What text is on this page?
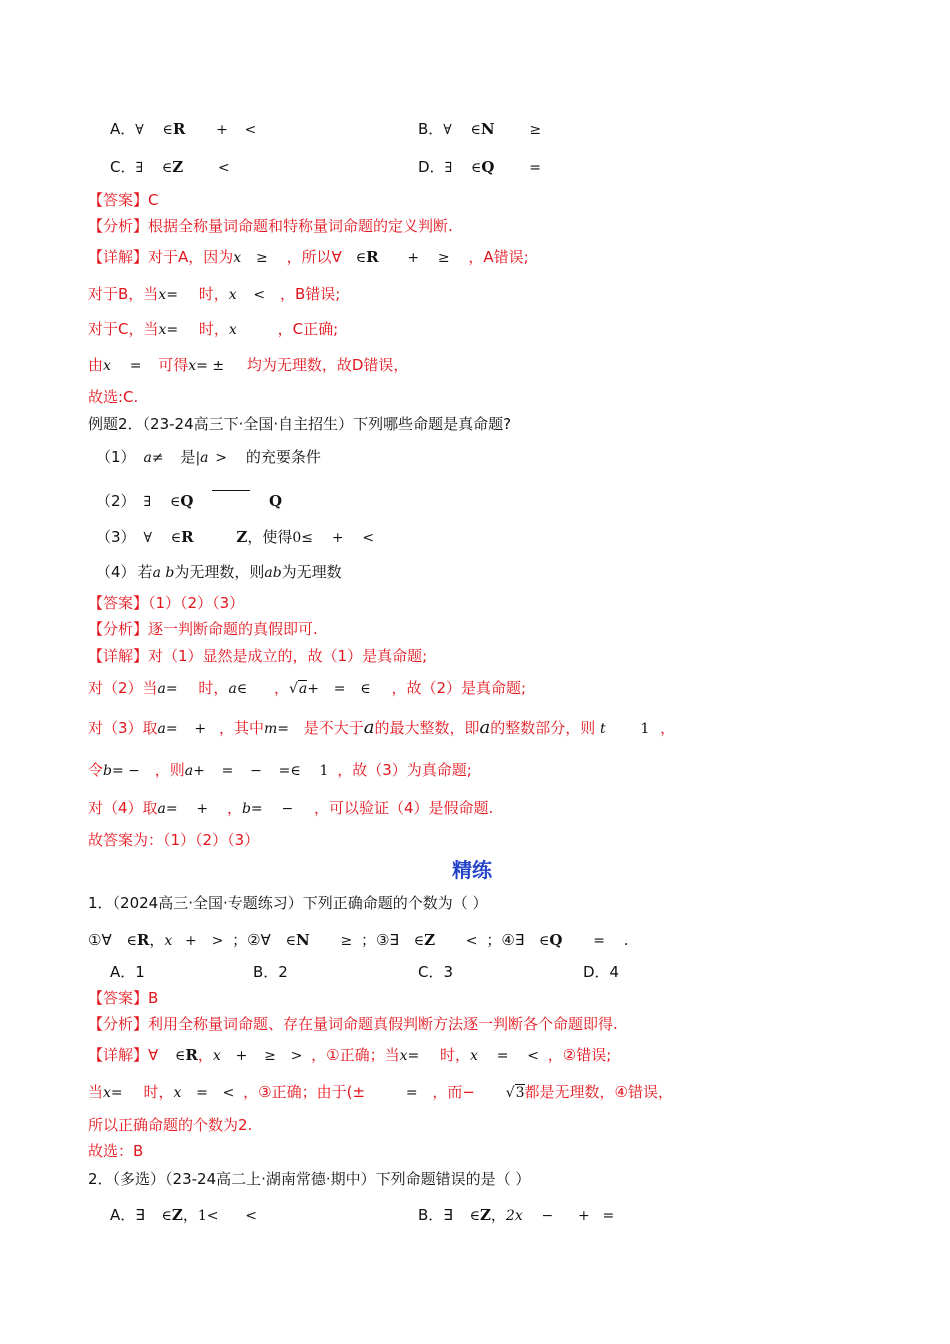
A．∀ ∈R + <	B．∀ ∈N ≥
C．∃ ∈Z <	D．∃ ∈Q =
【答案】C
【分析】根据全称量词命题和特称量词命题的定义判断.
【详解】对于A，因为x ≥ ，所以∀ ∈R + ≥ ，A错误;
对于B，当x= 时，x < ，B错误;
对于C，当x= 时，x	，C正确;
由x = 可得x= ± 均为无理数，故D错误，
故选:C.
例题2．（23-24高三下·全国·自主招生）下列哪些命题是真命题?
（1） a≠ 是|a > 的充要条件
（2） ∃ ∈Q	Q
（3） ∀ ∈R	Z，使得0≤ + <
（4） 若a b为无理数，则ab为无理数
【答案】（1）（2）（3）
【分析】逐一判断命题的真假即可.
【详解】对（1）显然是成立的，故（1）是真命题;
对（2）当a= 时，a∈ ，√a+ = ∈ ，故（2）是真命题;
对（3）取a= + ，其中m= 是不大于a的最大整数，即a的整数部分，则 t 1 ，
令b= − ，则a+ = − =∈ 1 ，故（3）为真命题;
对（4）取a= + ，b= − ，可以验证（4）是假命题.
故答案为：（1）（2）（3）
精练
1．（2024高三·全国·专题练习）下列正确命题的个数为（ ）
①∀ ∈R，x + > ；②∀ ∈N ≥ ；③∃ ∈Z < ；④∃ ∈Q = .
A．1	B．2	C．3	D．4
【答案】B
【分析】利用全称量词命题、存在量词命题真假判断方法逐一判断各个命题即得.
【详解】∀ ∈R，x + ≥ > ，①正确；当x= 时，x = < ，②错误;
当x= 时，x = < ，③正确；由于(±	= ，而− √3都是无理数，④错误，
所以正确命题的个数为2.
故选：B
2．（多选）（23-24高二上·湖南常德·期中）下列命题错误的是（ ）
A．∃ ∈Z，1< <	B．∃ ∈Z，2x − + =
